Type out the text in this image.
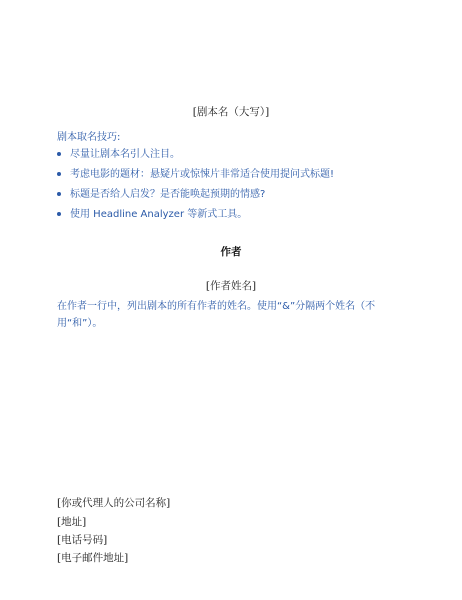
[剧本名（大写）]
剧本取名技巧:
尽量让剧本名引人注目。
考虑电影的题材：悬疑片或惊悚片非常适合使用提问式标题!
标题是否给人启发？是否能唤起预期的情感?
使用 Headline Analyzer 等新式工具。
作者
[作者姓名]
在作者一行中，列出剧本的所有作者的姓名。使用“&”分隔两个姓名（不用“和”）。
[你或代理人的公司名称]
[地址]
[电话号码]
[电子邮件地址]
